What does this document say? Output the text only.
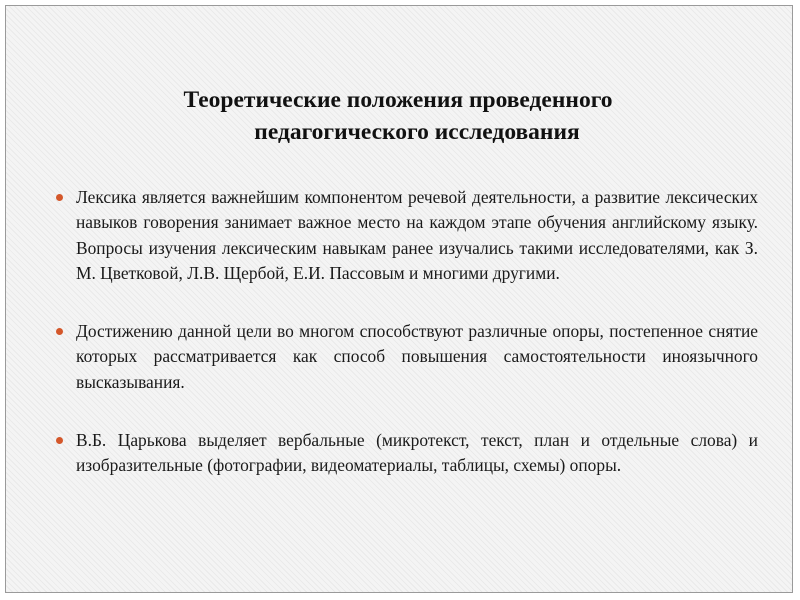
Теоретические положения проведенного
педагогического исследования
Лексика является важнейшим компонентом речевой деятельности, а развитие лексических навыков говорения занимает важное место на каждом этапе обучения английскому языку. Вопросы изучения лексическим навыкам ранее изучались такими исследователями, как З. М. Цветковой, Л.В. Щербой, Е.И. Пассовым и многими другими.
Достижению данной цели во многом способствуют различные опоры, постепенное снятие которых рассматривается как способ повышения самостоятельности иноязычного высказывания.
В.Б. Царькова выделяет вербальные (микротекст, текст, план и отдельные слова) и изобразительные (фотографии, видеоматериалы, таблицы, схемы) опоры.
